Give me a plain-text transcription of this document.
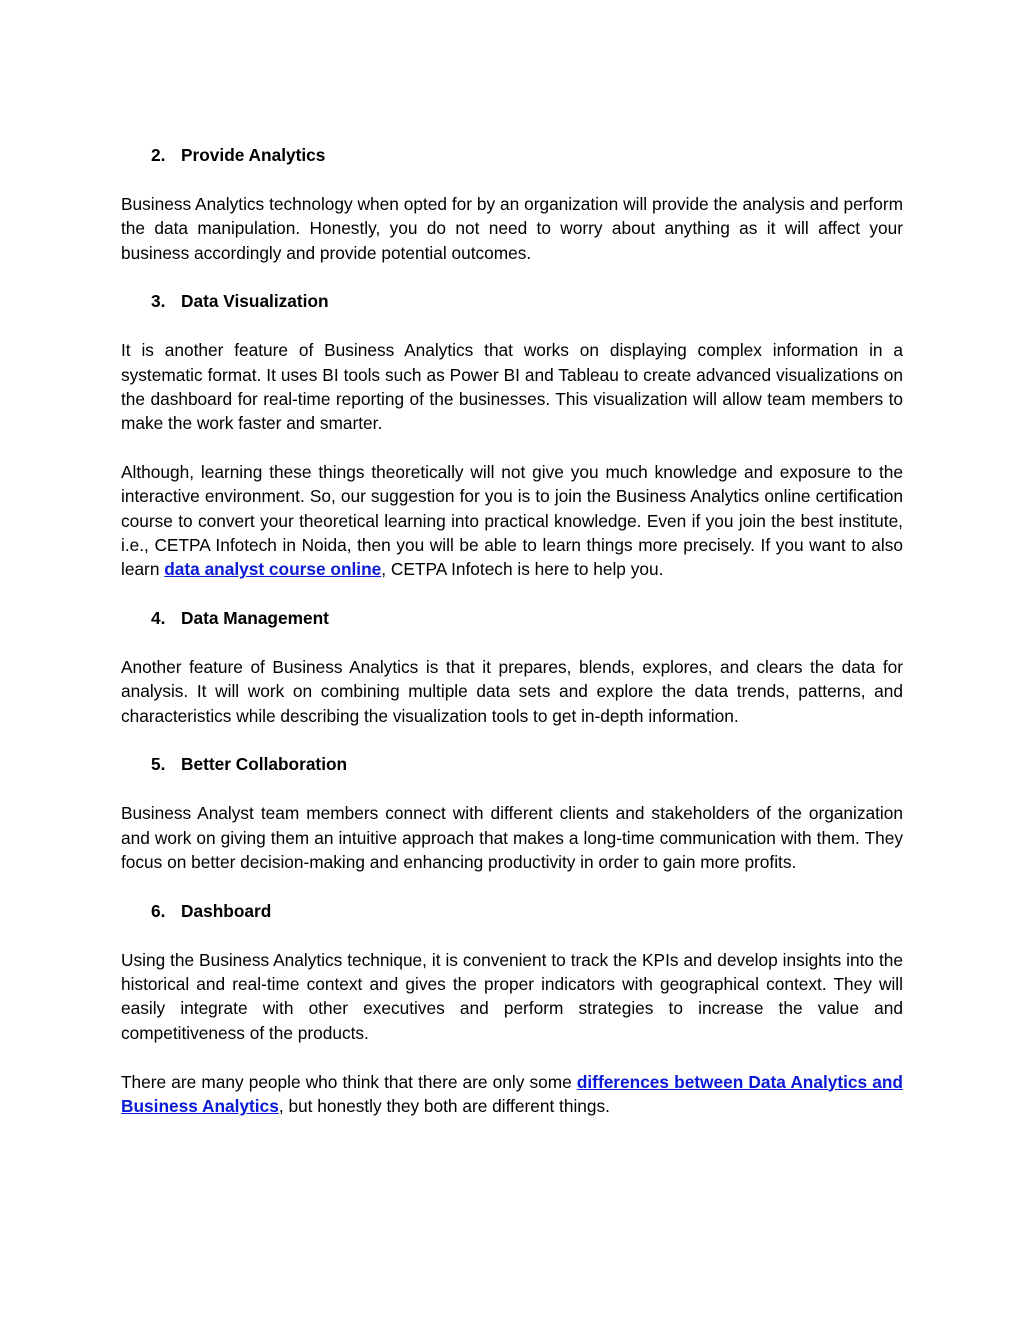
2. Provide Analytics

Business Analytics technology when opted for by an organization will provide the analysis and perform the data manipulation. Honestly, you do not need to worry about anything as it will affect your business accordingly and provide potential outcomes.

3. Data Visualization

It is another feature of Business Analytics that works on displaying complex information in a systematic format. It uses BI tools such as Power BI and Tableau to create advanced visualizations on the dashboard for real-time reporting of the businesses. This visualization will allow team members to make the work faster and smarter.

Although, learning these things theoretically will not give you much knowledge and exposure to the interactive environment. So, our suggestion for you is to join the Business Analytics online certification course to convert your theoretical learning into practical knowledge. Even if you join the best institute, i.e., CETPA Infotech in Noida, then you will be able to learn things more precisely. If you want to also learn data analyst course online, CETPA Infotech is here to help you.

4. Data Management

Another feature of Business Analytics is that it prepares, blends, explores, and clears the data for analysis. It will work on combining multiple data sets and explore the data trends, patterns, and characteristics while describing the visualization tools to get in-depth information.

5. Better Collaboration

Business Analyst team members connect with different clients and stakeholders of the organization and work on giving them an intuitive approach that makes a long-time communication with them. They focus on better decision-making and enhancing productivity in order to gain more profits.

6. Dashboard

Using the Business Analytics technique, it is convenient to track the KPIs and develop insights into the historical and real-time context and gives the proper indicators with geographical context. They will easily integrate with other executives and perform strategies to increase the value and competitiveness of the products.

There are many people who think that there are only some differences between Data Analytics and Business Analytics, but honestly they both are different things.
